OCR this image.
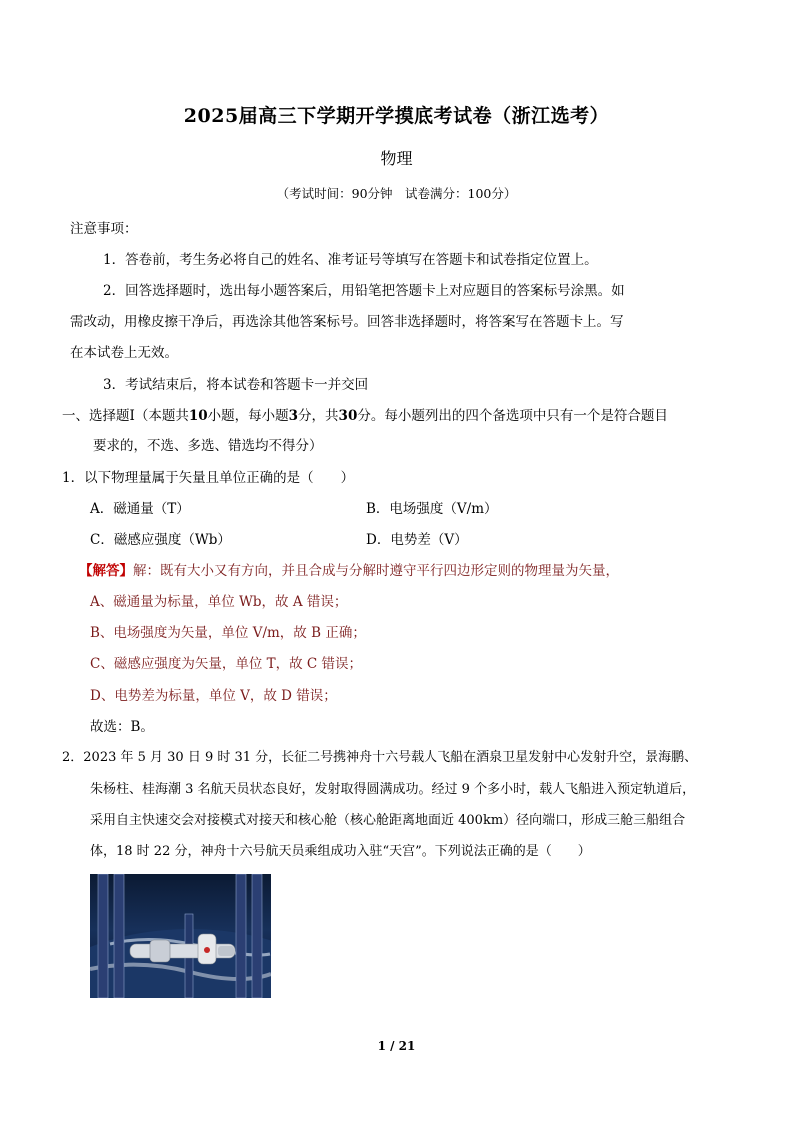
2025届高三下学期开学摸底考试卷（浙江选考）
物理
（考试时间：90分钟　试卷满分：100分）
注意事项：
1．答卷前，考生务必将自己的姓名、准考证号等填写在答题卡和试卷指定位置上。
2．回答选择题时，选出每小题答案后，用铅笔把答题卡上对应题目的答案标号涂黑。如
需改动，用橡皮擦干净后，再选涂其他答案标号。回答非选择题时，将答案写在答题卡上。写
在本试卷上无效。
3．考试结束后，将本试卷和答题卡一并交回
一、选择题Ⅰ（本题共10小题，每小题3分，共30分。每小题列出的四个备选项中只有一个是符合题目
要求的，不选、多选、错选均不得分）
1．以下物理量属于矢量且单位正确的是（　　）
A．磁通量（T）	B．电场强度（V/m）
C．磁感应强度（Wb）	D．电势差（V）
【解答】解：既有大小又有方向，并且合成与分解时遵守平行四边形定则的物理量为矢量，
A、磁通量为标量，单位 Wb，故 A 错误；
B、电场强度为矢量，单位 V/m，故 B 正确；
C、磁感应强度为矢量，单位 T，故 C 错误；
D、电势差为标量，单位 V，故 D 错误；
故选：B。
2．2023 年 5 月 30 日 9 时 31 分，长征二号携神舟十六号载人飞船在酒泉卫星发射中心发射升空，景海鹏、
朱杨柱、桂海潮 3 名航天员状态良好，发射取得圆满成功。经过 9 个多小时，载人飞船进入预定轨道后，
采用自主快速交会对接模式对接天和核心舱（核心舱距离地面近 400km）径向端口，形成三舱三船组合
体，18 时 22 分，神舟十六号航天员乘组成功入驻“天宫”。下列说法正确的是（　　）
1 / 21
